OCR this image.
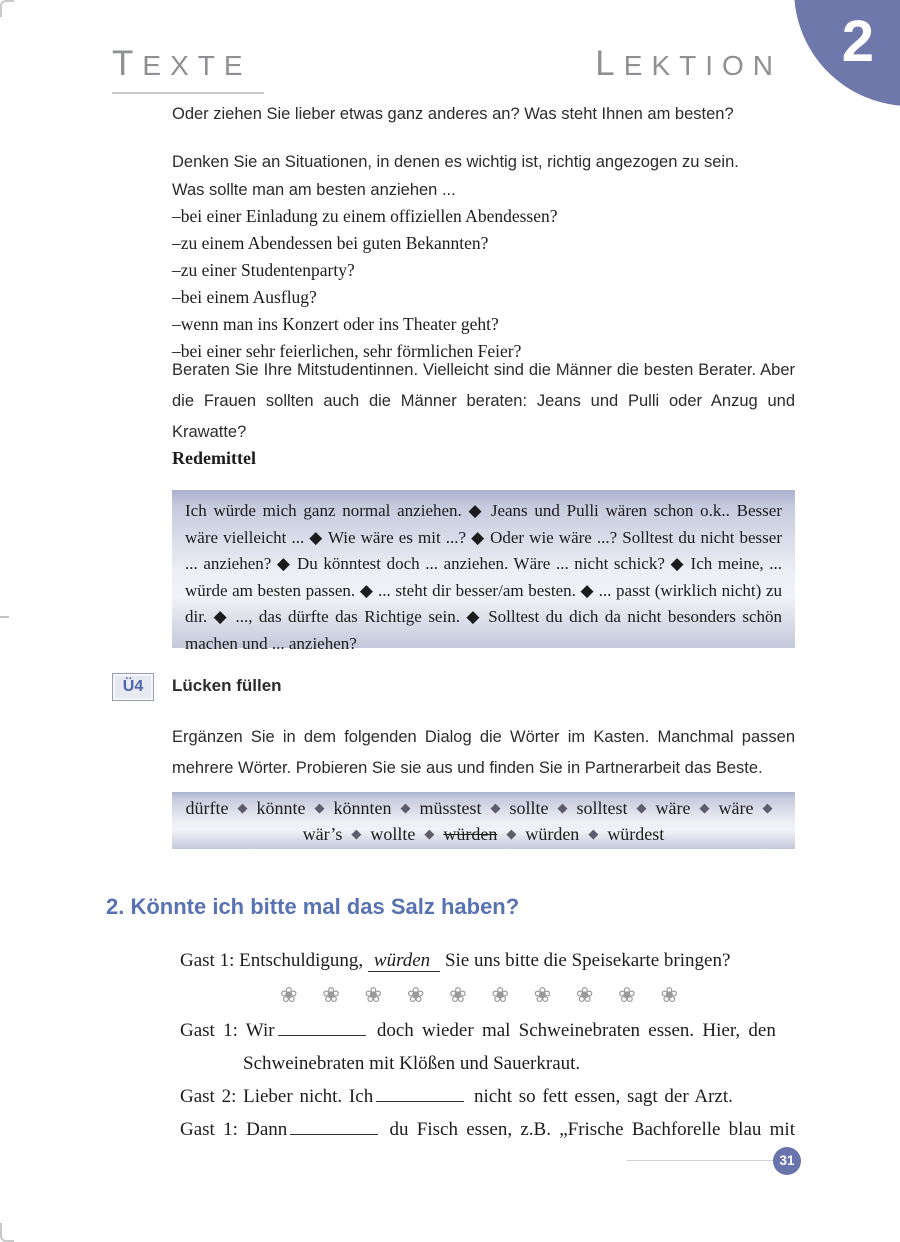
TEXTE	LEKTION 2
Oder ziehen Sie lieber etwas ganz anderes an? Was steht Ihnen am besten?
Denken Sie an Situationen, in denen es wichtig ist, richtig angezogen zu sein.
Was sollte man am besten anziehen ...
–bei einer Einladung zu einem offiziellen Abendessen?
–zu einem Abendessen bei guten Bekannten?
–zu einer Studentenparty?
–bei einem Ausflug?
–wenn man ins Konzert oder ins Theater geht?
–bei einer sehr feierlichen, sehr förmlichen Feier?
Beraten Sie Ihre Mitstudentinnen. Vielleicht sind die Männer die besten Berater. Aber die Frauen sollten auch die Männer beraten: Jeans und Pulli oder Anzug und Krawatte?
Redemittel
Ich würde mich ganz normal anziehen. ◆ Jeans und Pulli wären schon o.k.. Besser wäre vielleicht ... ◆ Wie wäre es mit ...? ◆ Oder wie wäre ...? Solltest du nicht besser ... anziehen? ◆ Du könntest doch ... anziehen. Wäre ... nicht schick? ◆ Ich meine, ... würde am besten passen. ◆ ... steht dir besser/am besten. ◆ ... passt (wirklich nicht) zu dir. ◆ ..., das dürfte das Richtige sein. ◆ Solltest du dich da nicht besonders schön machen und ... anziehen?
Ü4	Lücken füllen
Ergänzen Sie in dem folgenden Dialog die Wörter im Kasten. Manchmal passen mehrere Wörter. Probieren Sie sie aus und finden Sie in Partnerarbeit das Beste.
dürfte ◆ könnte ◆ könnten ◆ müsstest ◆ sollte ◆ solltest ◆ wäre ◆ wäre ◆
wär’s ◆ wollte ◆ würden ◆ würden ◆ würdest
2. Könnte ich bitte mal das Salz haben?
Gast 1: Entschuldigung, würden Sie uns bitte die Speisekarte bringen?
❀ ❀ ❀ ❀ ❀ ❀ ❀ ❀ ❀ ❀
Gast 1: Wir	doch wieder mal Schweinebraten essen. Hier, den
Schweinebraten mit Klößen und Sauerkraut.
Gast 2: Lieber nicht. Ich	nicht so fett essen, sagt der Arzt.
Gast 1: Dann	du Fisch essen, z.B. „Frische Bachforelle blau mit
31
